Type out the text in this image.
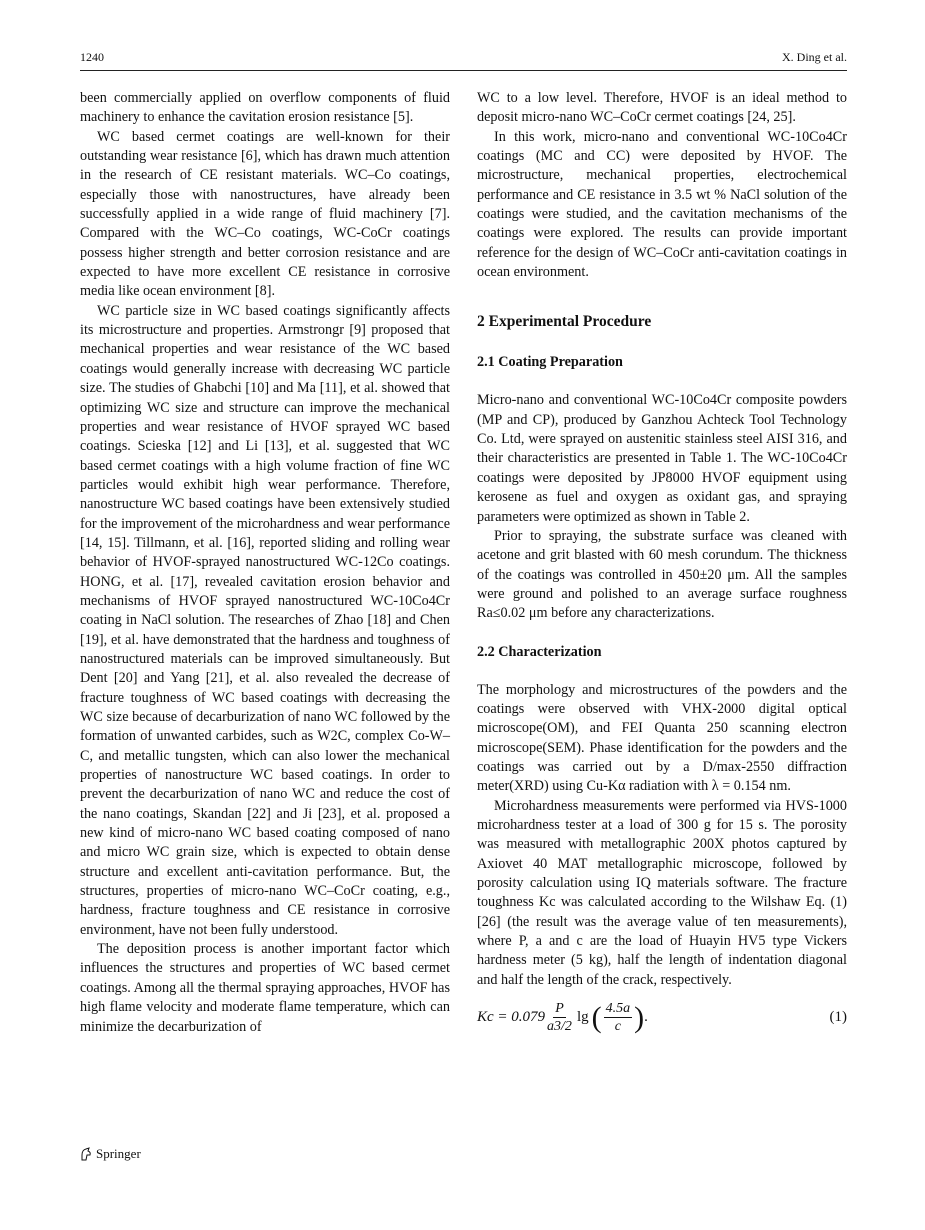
1240	X. Ding et al.

been commercially applied on overflow components of fluid machinery to enhance the cavitation erosion resistance [5].

WC based cermet coatings are well-known for their outstanding wear resistance [6], which has drawn much attention in the research of CE resistant materials. WC–Co coatings, especially those with nanostructures, have already been successfully applied in a wide range of fluid machinery [7]. Compared with the WC–Co coatings, WC-CoCr coatings possess higher strength and better corrosion resistance and are expected to have more excellent CE resistance in corrosive media like ocean environment [8].

WC particle size in WC based coatings significantly affects its microstructure and properties. Armstrongr [9] proposed that mechanical properties and wear resistance of the WC based coatings would generally increase with decreasing WC particle size. The studies of Ghabchi [10] and Ma [11], et al. showed that optimizing WC size and structure can improve the mechanical properties and wear resistance of HVOF sprayed WC based coatings. Scieska [12] and Li [13], et al. suggested that WC based cermet coatings with a high volume fraction of fine WC particles would exhibit high wear performance. Therefore, nanostructure WC based coatings have been extensively studied for the improvement of the microhardness and wear performance [14, 15]. Tillmann, et al. [16], reported sliding and rolling wear behavior of HVOF-sprayed nanostructured WC-12Co coatings. HONG, et al. [17], revealed cavitation erosion behavior and mechanisms of HVOF sprayed nanostructured WC-10Co4Cr coating in NaCl solution. The researches of Zhao [18] and Chen [19], et al. have demonstrated that the hardness and toughness of nanostructured materials can be improved simultaneously. But Dent [20] and Yang [21], et al. also revealed the decrease of fracture toughness of WC based coatings with decreasing the WC size because of decarburization of nano WC followed by the formation of unwanted carbides, such as W2C, complex Co-W–C, and metallic tungsten, which can also lower the mechanical properties of nanostructure WC based coatings. In order to prevent the decarburization of nano WC and reduce the cost of the nano coatings, Skandan [22] and Ji [23], et al. proposed a new kind of micro-nano WC based coating composed of nano and micro WC grain size, which is expected to obtain dense structure and excellent anti-cavitation performance. But, the structures, properties of micro-nano WC–CoCr coating, e.g., hardness, fracture toughness and CE resistance in corrosive environment, have not been fully understood.

The deposition process is another important factor which influences the structures and properties of WC based cermet coatings. Among all the thermal spraying approaches, HVOF has high flame velocity and moderate flame temperature, which can minimize the decarburization of

WC to a low level. Therefore, HVOF is an ideal method to deposit micro-nano WC–CoCr cermet coatings [24, 25].

In this work, micro-nano and conventional WC-10Co4Cr coatings (MC and CC) were deposited by HVOF. The microstructure, mechanical properties, electrochemical performance and CE resistance in 3.5 wt % NaCl solution of the coatings were studied, and the cavitation mechanisms of the coatings were explored. The results can provide important reference for the design of WC–CoCr anti-cavitation coatings in ocean environment.

2 Experimental Procedure
2.1 Coating Preparation

Micro-nano and conventional WC-10Co4Cr composite powders (MP and CP), produced by Ganzhou Achteck Tool Technology Co. Ltd, were sprayed on austenitic stainless steel AISI 316, and their characteristics are presented in Table 1. The WC-10Co4Cr coatings were deposited by JP8000 HVOF equipment using kerosene as fuel and oxygen as oxidant gas, and spraying parameters were optimized as shown in Table 2.

Prior to spraying, the substrate surface was cleaned with acetone and grit blasted with 60 mesh corundum. The thickness of the coatings was controlled in 450±20 μm. All the samples were ground and polished to an average surface roughness Ra≤0.02 μm before any characterizations.

2.2 Characterization

The morphology and microstructures of the powders and the coatings were observed with VHX-2000 digital optical microscope(OM), and FEI Quanta 250 scanning electron microscope(SEM). Phase identification for the powders and the coatings was carried out by a D/max-2550 diffraction meter(XRD) using Cu-Kα radiation with λ = 0.154 nm.

Microhardness measurements were performed via HVS-1000 microhardness tester at a load of 300 g for 15 s. The porosity was measured with metallographic 200X photos captured by Axiovet 40 MAT metallographic microscope, followed by porosity calculation using IQ materials software. The fracture toughness Kc was calculated according to the Wilshaw Eq. (1) [26] (the result was the average value of ten measurements), where P, a and c are the load of Huayin HV5 type Vickers hardness meter (5 kg), half the length of indentation diagonal and half the length of the crack, respectively.

$Kc = 0.079 \frac{P}{a3/2}$ lg ( $\frac{4.5a}{c}$ ) .	(1)
Springer
